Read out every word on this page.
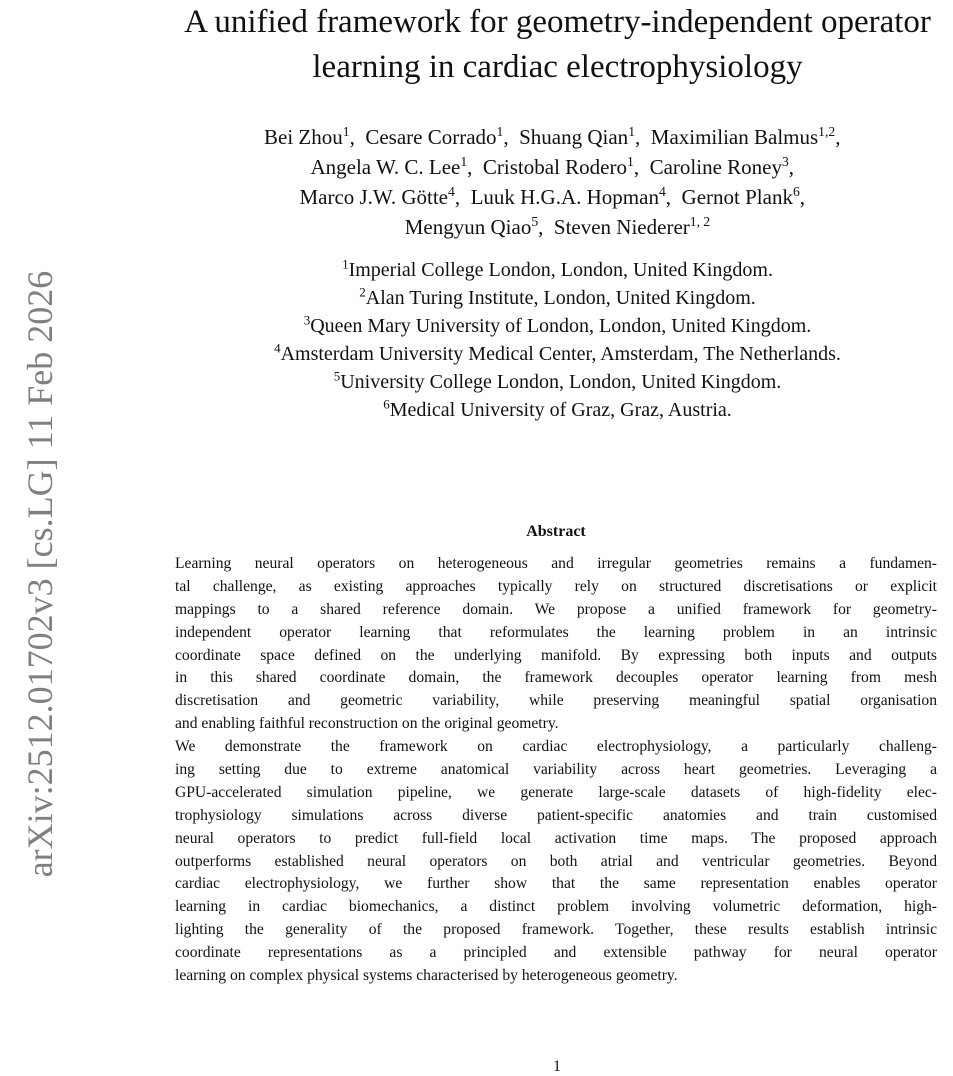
arXiv:2512.01702v3 [cs.LG] 11 Feb 2026
A unified framework for geometry-independent operator
learning in cardiac electrophysiology
Bei Zhou$^1$,  Cesare Corrado$^1$,  Shuang Qian$^1$,  Maximilian Balmus$^{1,2}$,
Angela W. C. Lee$^1$,  Cristobal Rodero$^1$,  Caroline Roney$^3$,
Marco J.W. Götte$^4$,  Luuk H.G.A. Hopman$^4$,  Gernot Plank$^6$,
Mengyun Qiao$^5$,  Steven Niederer$^{1, 2}$
$^1$Imperial College London, London, United Kingdom.
$^2$Alan Turing Institute, London, United Kingdom.
$^3$Queen Mary University of London, London, United Kingdom.
$^4$Amsterdam University Medical Center, Amsterdam, The Netherlands.
$^5$University College London, London, United Kingdom.
$^6$Medical University of Graz, Graz, Austria.
Abstract
Learning neural operators on heterogeneous and irregular geometries remains a fundamen-
tal challenge, as existing approaches typically rely on structured discretisations or explicit
mappings to a shared reference domain. We propose a unified framework for geometry-
independent operator learning that reformulates the learning problem in an intrinsic
coordinate space defined on the underlying manifold. By expressing both inputs and outputs
in this shared coordinate domain, the framework decouples operator learning from mesh
discretisation and geometric variability, while preserving meaningful spatial organisation
and enabling faithful reconstruction on the original geometry.
We demonstrate the framework on cardiac electrophysiology, a particularly challeng-
ing setting due to extreme anatomical variability across heart geometries. Leveraging a
GPU-accelerated simulation pipeline, we generate large-scale datasets of high-fidelity elec-
trophysiology simulations across diverse patient-specific anatomies and train customised
neural operators to predict full-field local activation time maps. The proposed approach
outperforms established neural operators on both atrial and ventricular geometries. Beyond
cardiac electrophysiology, we further show that the same representation enables operator
learning in cardiac biomechanics, a distinct problem involving volumetric deformation, high-
lighting the generality of the proposed framework. Together, these results establish intrinsic
coordinate representations as a principled and extensible pathway for neural operator
learning on complex physical systems characterised by heterogeneous geometry.
1
